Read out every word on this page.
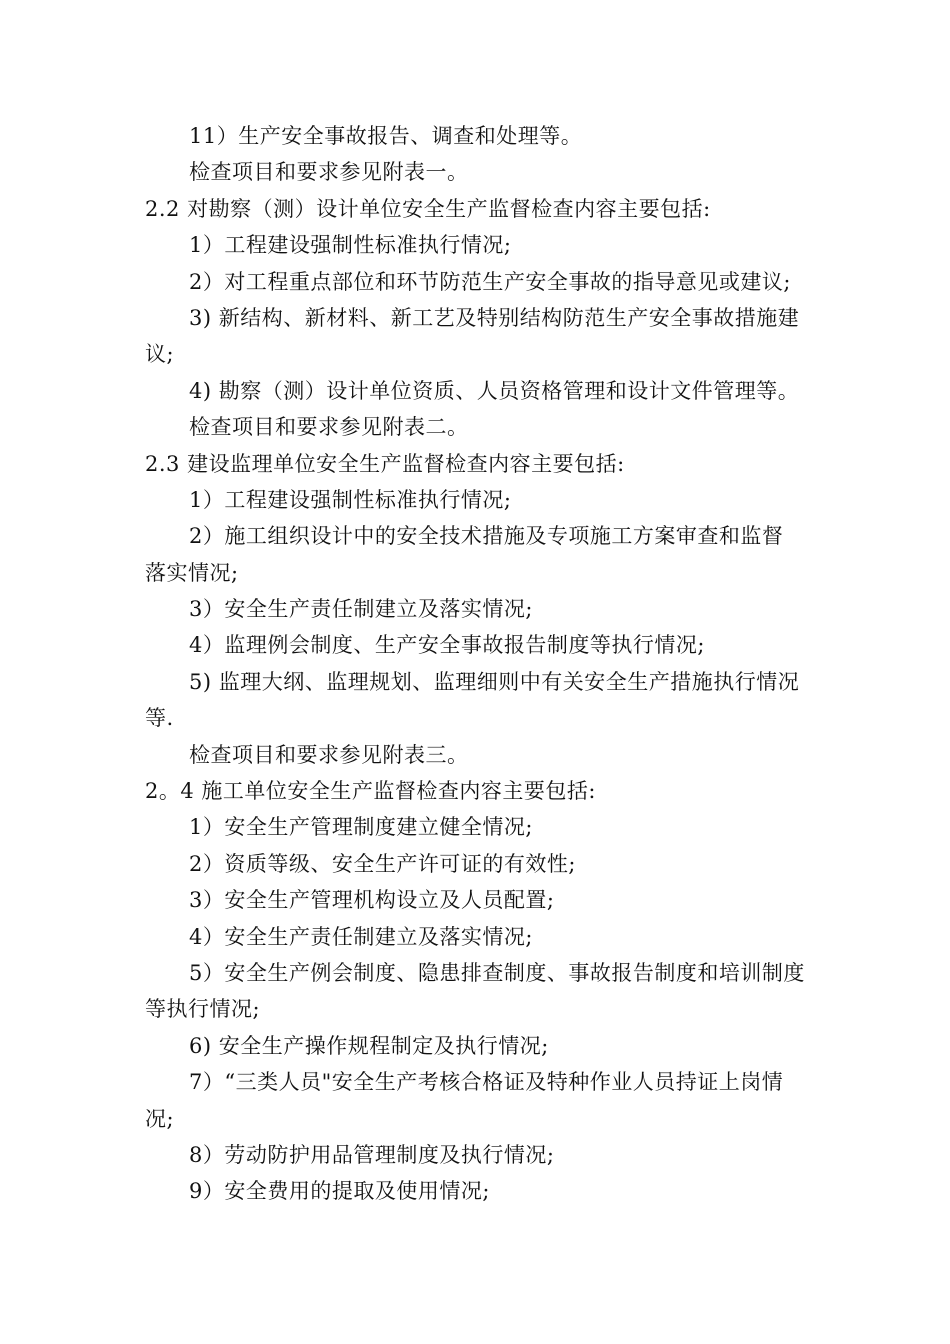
11）生产安全事故报告、调查和处理等。
检查项目和要求参见附表一。
2.2 对勘察（测）设计单位安全生产监督检查内容主要包括:
1）工程建设强制性标准执行情况;
2）对工程重点部位和环节防范生产安全事故的指导意见或建议;
3) 新结构、新材料、新工艺及特别结构防范生产安全事故措施建
议;
4) 勘察（测）设计单位资质、人员资格管理和设计文件管理等。
检查项目和要求参见附表二。
2.3 建设监理单位安全生产监督检查内容主要包括:
1）工程建设强制性标准执行情况;
2）施工组织设计中的安全技术措施及专项施工方案审查和监督
落实情况;
3）安全生产责任制建立及落实情况;
4）监理例会制度、生产安全事故报告制度等执行情况;
5) 监理大纲、监理规划、监理细则中有关安全生产措施执行情况
等.
检查项目和要求参见附表三。
2。4 施工单位安全生产监督检查内容主要包括:
1）安全生产管理制度建立健全情况;
2）资质等级、安全生产许可证的有效性;
3）安全生产管理机构设立及人员配置;
4）安全生产责任制建立及落实情况;
5）安全生产例会制度、隐患排查制度、事故报告制度和培训制度
等执行情况;
6) 安全生产操作规程制定及执行情况;
7）“三类人员"安全生产考核合格证及特种作业人员持证上岗情
况;
8）劳动防护用品管理制度及执行情况;
9）安全费用的提取及使用情况;
